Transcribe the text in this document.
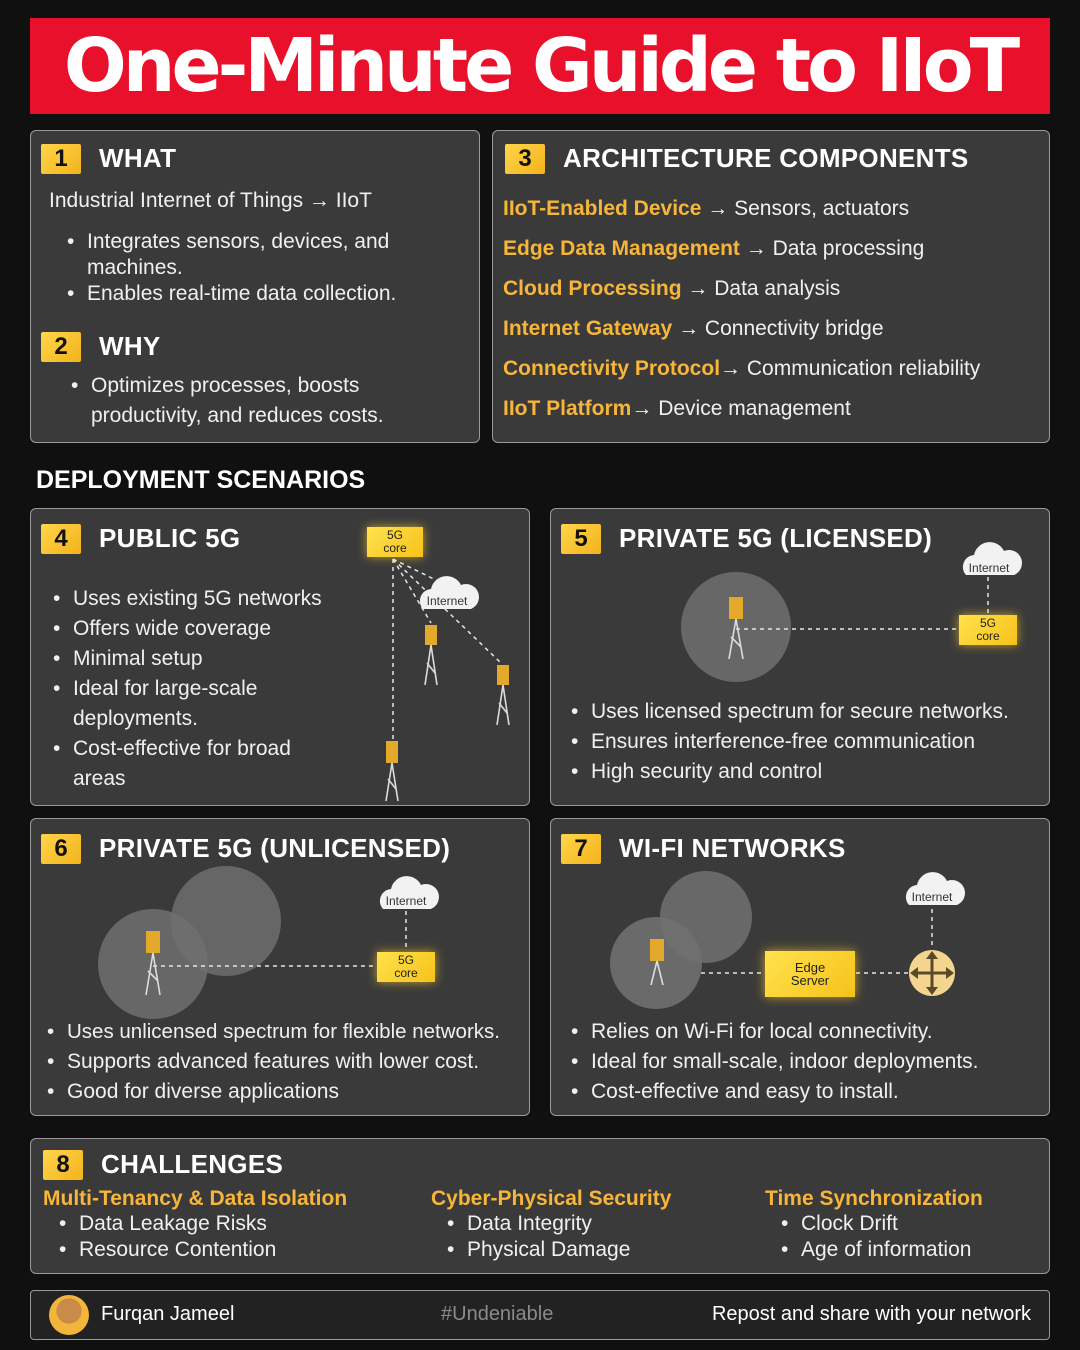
One-Minute Guide to IIoT
1	WHAT
Industrial Internet of Things → IIoT
• Integrates sensors, devices, and machines.
• Enables real-time data collection.
2	WHY
• Optimizes processes, boosts productivity, and reduces costs.
3	ARCHITECTURE COMPONENTS
IIoT-Enabled Device → Sensors, actuators
Edge Data Management → Data processing
Cloud Processing → Data analysis
Internet Gateway → Connectivity bridge
Connectivity Protocol→ Communication reliability
IIoT Platform→ Device management
DEPLOYMENT SCENARIOS
4	PUBLIC 5G
• Uses existing 5G networks
• Offers wide coverage
• Minimal setup
• Ideal for large-scale deployments.
• Cost-effective for broad areas
Internet
5G
core	5	PRIVATE 5G (LICENSED)
Internet
5G
core
• Uses licensed spectrum for secure networks.
• Ensures interference-free communication
• High security and control
6	PRIVATE 5G (UNLICENSED)
Internet
5G
core
• Uses unlicensed spectrum for flexible networks.
• Supports advanced features with lower cost.
• Good for diverse applications
7	WI-FI NETWORKS
Internet
Edge
Server
• Relies on Wi-Fi for local connectivity.
• Ideal for small-scale, indoor deployments.
• Cost-effective and easy to install.
8	CHALLENGES
Multi-Tenancy & Data Isolation
• Data Leakage Risks
• Resource Contention
Cyber-Physical Security
• Data Integrity
• Physical Damage
Time Synchronization
• Clock Drift
• Age of information
Furqan Jameel	#Undeniable	Repost and share with your network
